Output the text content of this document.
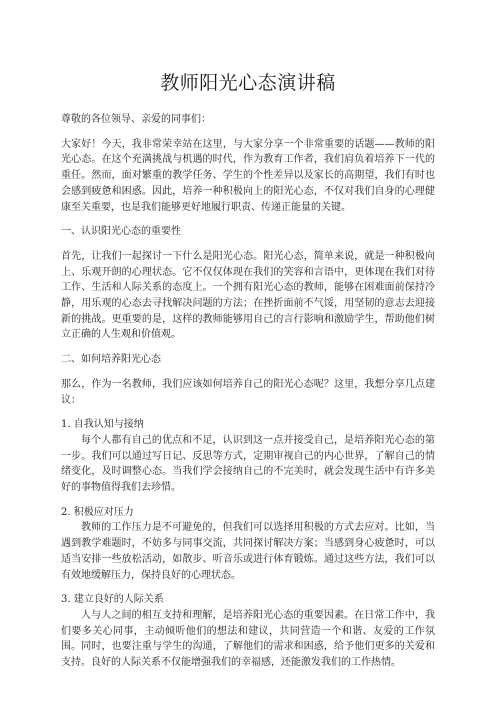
教师阳光心态演讲稿

尊敬的各位领导、亲爱的同事们：

大家好！今天，我非常荣幸站在这里，与大家分享一个非常重要的话题——教师的阳光心态。在这个充满挑战与机遇的时代，作为教育工作者，我们肩负着培养下一代的重任。然而，面对繁重的教学任务、学生的个性差异以及家长的高期望，我们有时也会感到疲惫和困惑。因此，培养一种积极向上的阳光心态，不仅对我们自身的心理健康至关重要，也是我们能够更好地履行职责、传递正能量的关键。

一、认识阳光心态的重要性

首先，让我们一起探讨一下什么是阳光心态。阳光心态，简单来说，就是一种积极向上、乐观开朗的心理状态。它不仅仅体现在我们的笑容和言语中，更体现在我们对待工作、生活和人际关系的态度上。一个拥有阳光心态的教师，能够在困难面前保持冷静，用乐观的心态去寻找解决问题的方法；在挫折面前不气馁，用坚韧的意志去迎接新的挑战。更重要的是，这样的教师能够用自己的言行影响和激励学生，帮助他们树立正确的人生观和价值观。

二、如何培养阳光心态

那么，作为一名教师，我们应该如何培养自己的阳光心态呢？这里，我想分享几点建议：

1. 自我认知与接纳

每个人都有自己的优点和不足，认识到这一点并接受自己，是培养阳光心态的第一步。我们可以通过写日记、反思等方式，定期审视自己的内心世界，了解自己的情绪变化，及时调整心态。当我们学会接纳自己的不完美时，就会发现生活中有许多美好的事物值得我们去珍惜。

2. 积极应对压力

教师的工作压力是不可避免的，但我们可以选择用积极的方式去应对。比如，当遇到教学难题时，不妨多与同事交流，共同探讨解决方案；当感到身心疲惫时，可以适当安排一些放松活动，如散步、听音乐或进行体育锻炼。通过这些方法，我们可以有效地缓解压力，保持良好的心理状态。

3. 建立良好的人际关系

人与人之间的相互支持和理解，是培养阳光心态的重要因素。在日常工作中，我们要多关心同事，主动倾听他们的想法和建议，共同营造一个和谐、友爱的工作氛围。同时，也要注重与学生的沟通，了解他们的需求和困惑，给予他们更多的关爱和支持。良好的人际关系不仅能增强我们的幸福感，还能激发我们的工作热情。
